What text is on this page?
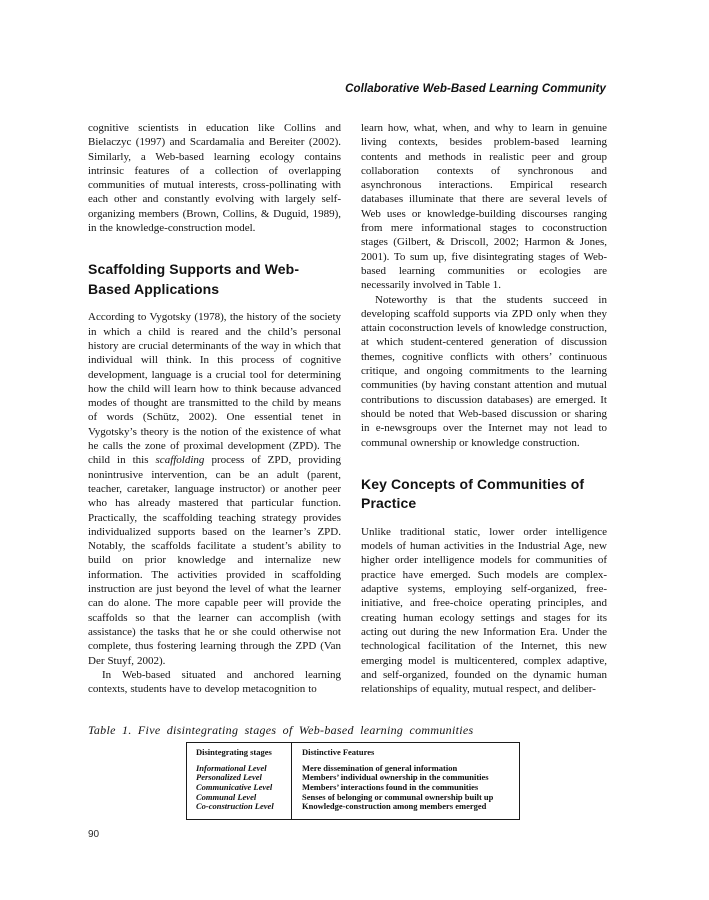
Collaborative Web-Based Learning Community

cognitive scientists in education like Collins and Bielaczyc (1997) and Scardamalia and Bereiter (2002). Similarly, a Web-based learning ecology contains intrinsic features of a collection of overlapping communities of mutual interests, cross-pollinating with each other and constantly evolving with largely self-organizing members (Brown, Collins, & Duguid, 1989), in the knowledge-construction model.

Scaffolding Supports and Web-Based Applications

According to Vygotsky (1978), the history of the society in which a child is reared and the child’s personal history are crucial determinants of the way in which that individual will think. In this process of cognitive development, language is a crucial tool for determining how the child will learn how to think because advanced modes of thought are transmitted to the child by means of words (Schütz, 2002). One essential tenet in Vygotsky’s theory is the notion of the existence of what he calls the zone of proximal development (ZPD). The child in this scaffolding process of ZPD, providing nonintrusive intervention, can be an adult (parent, teacher, caretaker, language instructor) or another peer who has already mastered that particular function. Practically, the scaffolding teaching strategy provides individualized supports based on the learner’s ZPD. Notably, the scaffolds facilitate a student’s ability to build on prior knowledge and internalize new information. The activities provided in scaffolding instruction are just beyond the level of what the learner can do alone. The more capable peer will provide the scaffolds so that the learner can accomplish (with assistance) the tasks that he or she could otherwise not complete, thus fostering learning through the ZPD (Van Der Stuyf, 2002).

In Web-based situated and anchored learning contexts, students have to develop metacognition to

learn how, what, when, and why to learn in genuine living contexts, besides problem-based learning contents and methods in realistic peer and group collaboration contexts of synchronous and asynchronous interactions. Empirical research databases illuminate that there are several levels of Web uses or knowledge-building discourses ranging from mere informational stages to coconstruction stages (Gilbert, & Driscoll, 2002; Harmon & Jones, 2001). To sum up, five disintegrating stages of Web-based learning communities or ecologies are necessarily involved in Table 1.

Noteworthy is that the students succeed in developing scaffold supports via ZPD only when they attain coconstruction levels of knowledge construction, at which student-centered generation of discussion themes, cognitive conflicts with others’ continuous critique, and ongoing commitments to the learning communities (by having constant attention and mutual contributions to discussion databases) are emerged. It should be noted that Web-based discussion or sharing in e-newsgroups over the Internet may not lead to communal ownership or knowledge construction.

Key Concepts of Communities of Practice

Unlike traditional static, lower order intelligence models of human activities in the Industrial Age, new higher order intelligence models for communities of practice have emerged. Such models are complex-adaptive systems, employing self-organized, free-initiative, and free-choice operating principles, and creating human ecology settings and stages for its acting out during the new Information Era. Under the technological facilitation of the Internet, this new emerging model is multicentered, complex adaptive, and self-organized, founded on the dynamic human relationships of equality, mutual respect, and deliber-

Table 1. Five disintegrating stages of Web-based learning communities
Disintegrating stages	Distinctive Features
Informational Level	Mere dissemination of general information
Personalized Level	Members’ individual ownership in the communities
Communicative Level	Members’ interactions found in the communities
Communal Level	Senses of belonging or communal ownership built up
Co-construction Level	Knowledge-construction among members emerged
90
